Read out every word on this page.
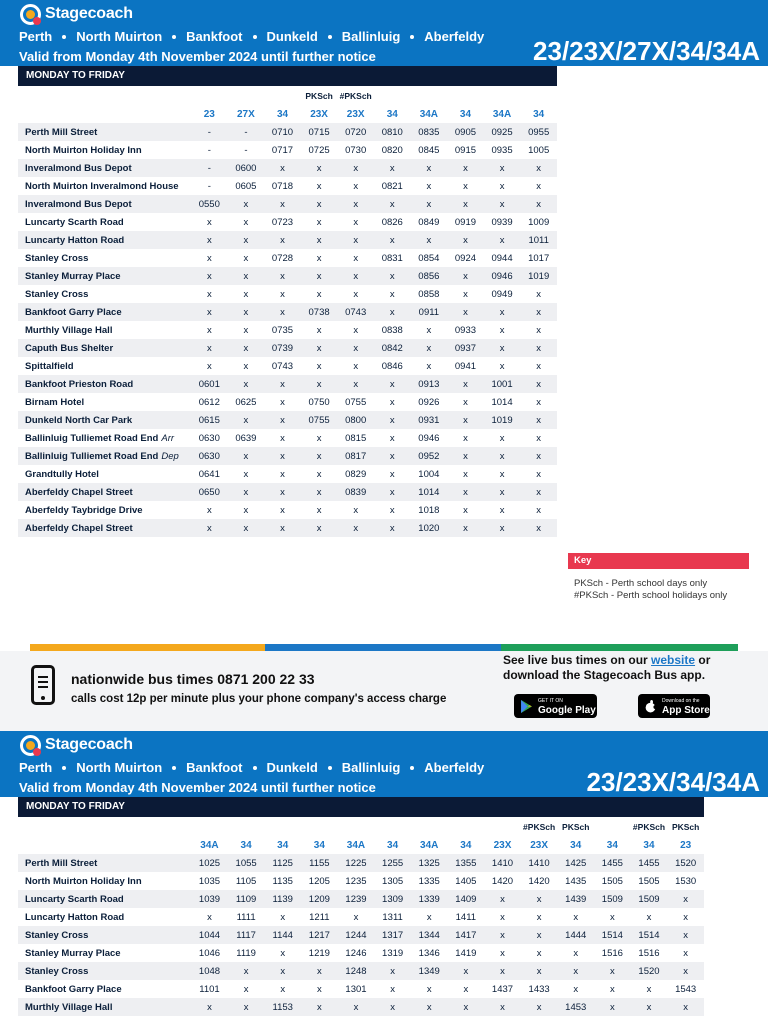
Stagecoach
Perth North Muirton Bankfoot Dunkeld Ballinluig Aberfeldy
Valid from Monday 4th November 2024 until further notice	23/23X/27X/34/34A
MONDAY TO FRIDAY
				PKSch	#PKSch					
	23	27X	34	23X	23X	34	34A	34	34A	34
Perth Mill Street	-	-	0710	0715	0720	0810	0835	0905	0925	0955
North Muirton Holiday Inn	-	-	0717	0725	0730	0820	0845	0915	0935	1005
Inveralmond Bus Depot	-	0600	x	x	x	x	x	x	x	x
North Muirton Inveralmond House	-	0605	0718	x	x	0821	x	x	x	x
Inveralmond Bus Depot	0550	x	x	x	x	x	x	x	x	x
Luncarty Scarth Road	x	x	0723	x	x	0826	0849	0919	0939	1009
Luncarty Hatton Road	x	x	x	x	x	x	x	x	x	1011
Stanley Cross	x	x	0728	x	x	0831	0854	0924	0944	1017
Stanley Murray Place	x	x	x	x	x	x	0856	x	0946	1019
Stanley Cross	x	x	x	x	x	x	0858	x	0949	x
Bankfoot Garry Place	x	x	x	0738	0743	x	0911	x	x	x
Murthly Village Hall	x	x	0735	x	x	0838	x	0933	x	x
Caputh Bus Shelter	x	x	0739	x	x	0842	x	0937	x	x
Spittalfield	x	x	0743	x	x	0846	x	0941	x	x
Bankfoot Prieston Road	0601	x	x	x	x	x	0913	x	1001	x
Birnam Hotel	0612	0625	x	0750	0755	x	0926	x	1014	x
Dunkeld North Car Park	0615	x	x	0755	0800	x	0931	x	1019	x
Ballinluig Tulliemet Road End Arr	0630	0639	x	x	0815	x	0946	x	x	x
Ballinluig Tulliemet Road End Dep	0630	x	x	x	0817	x	0952	x	x	x
Grandtully Hotel	0641	x	x	x	0829	x	1004	x	x	x
Aberfeldy Chapel Street	0650	x	x	x	0839	x	1014	x	x	x
Aberfeldy Taybridge Drive	x	x	x	x	x	x	1018	x	x	x
Aberfeldy Chapel Street	x	x	x	x	x	x	1020	x	x	x
Key
PKSch - Perth school days only
#PKSch - Perth school holidays only
nationwide bus times 0871 200 22 33
calls cost 12p per minute plus your phone company's access charge
See live bus times on our website or
download the Stagecoach Bus app.
GET IT ON
Google Play
Download on the
App Store
Stagecoach
Perth North Muirton Bankfoot Dunkeld Ballinluig Aberfeldy
Valid from Monday 4th November 2024 until further notice	23/23X/34/34A
MONDAY TO FRIDAY
										#PKSch	PKSch		#PKSch	PKSch
	34A	34	34	34	34A	34	34A	34	23X	23X	34	34	34	23
Perth Mill Street	1025	1055	1125	1155	1225	1255	1325	1355	1410	1410	1425	1455	1455	1520
North Muirton Holiday Inn	1035	1105	1135	1205	1235	1305	1335	1405	1420	1420	1435	1505	1505	1530
Luncarty Scarth Road	1039	1109	1139	1209	1239	1309	1339	1409	x	x	1439	1509	1509	x
Luncarty Hatton Road	x	1111	x	1211	x	1311	x	1411	x	x	x	x	x	x
Stanley Cross	1044	1117	1144	1217	1244	1317	1344	1417	x	x	1444	1514	1514	x
Stanley Murray Place	1046	1119	x	1219	1246	1319	1346	1419	x	x	x	1516	1516	x
Stanley Cross	1048	x	x	x	1248	x	1349	x	x	x	x	x	1520	x
Bankfoot Garry Place	1101	x	x	x	1301	x	x	x	1437	1433	x	x	x	1543
Murthly Village Hall	x	x	1153	x	x	x	x	x	x	x	1453	x	x	x
